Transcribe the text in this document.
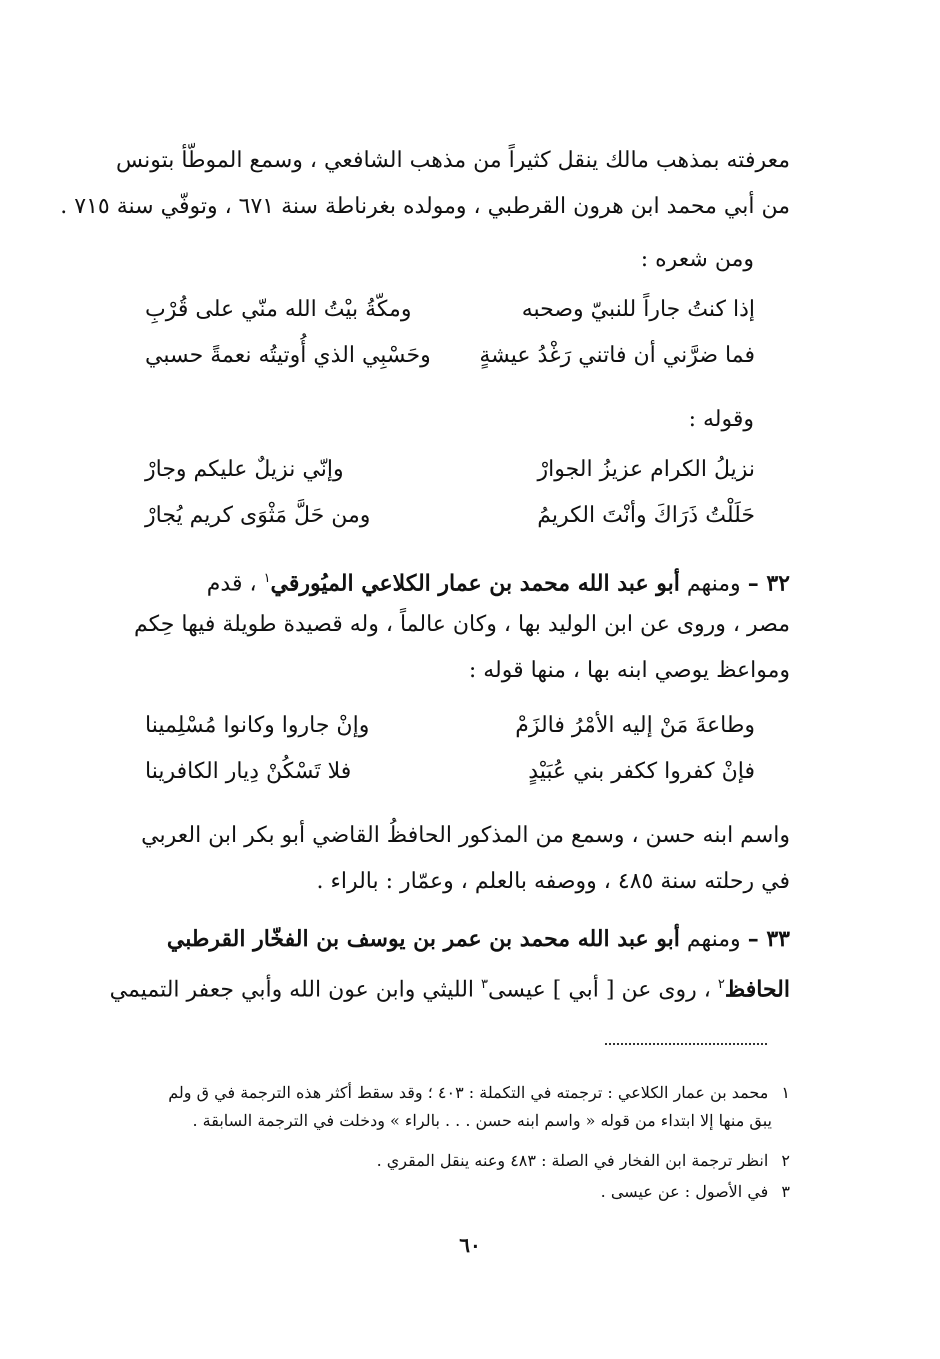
معرفته بمذهب مالك ينقل كثيراً من مذهب الشافعي ، وسمع الموطّأ بتونس
من أبي محمد ابن هرون القرطبي ، ومولده بغرناطة سنة ٦٧١ ، وتوفّي سنة ٧١٥ .
ومن شعره :
إذا كنتُ جاراً للنبيّ وصحبه
ومكّةُ بيْتُ الله منّي على قُرْبِ
فما ضرَّني أن فاتني رَغْدُ عيشةٍ
وحَسْبِي الذي أُوتيتُه نعمةً حسبي
وقوله :
نزيلُ الكرام عزيزُ الجوارْ
وإنّي نزيلٌ عليكم وجارْ
حَلَلْتُ ذَرَاكَ وأنْتَ الكريمُ
ومن حَلَّ مَثْوَى كريم يُجارْ
٣٢ – ومنهم أبو عبد الله محمد بن عمار الكلاعي الميُورقي$^١$ ، قدم
مصر ، وروى عن ابن الوليد بها ، وكان عالماً ، وله قصيدة طويلة فيها حِكم
ومواعظ يوصي ابنه بها ، منها قوله :
وطاعةَ مَنْ إليه الأمْرُ فالزَمْ
وإنْ جاروا وكانوا مُسْلِمينا
فإنْ كفروا ككفر بني عُبَيْدٍ
فلا تَسْكُنْ دِيار الكافرينا
واسم ابنه حسن ، وسمع من المذكور الحافظُ القاضي أبو بكر ابن العربي
في رحلته سنة ٤٨٥ ، ووصفه بالعلم ، وعمّار : بالراء .
٣٣ – ومنهم أبو عبد الله محمد بن عمر بن يوسف بن الفخّار القرطبي
الحافظ$^٢$ ، روى عن [ أبي ] عيسى$^٣$ الليثي وابن عون الله وأبي جعفر التميمي
١ محمد بن عمار الكلاعي : ترجمته في التكملة : ٤٠٣ ؛ وقد سقط أكثر هذه الترجمة في ق ولم
يبق منها إلا ابتداء من قوله « واسم ابنه حسن . . . بالراء » ودخلت في الترجمة السابقة .
٢ انظر ترجمة ابن الفخار في الصلة : ٤٨٣ وعنه ينقل المقري .
٣ في الأصول : عن عيسى .
٦٠
